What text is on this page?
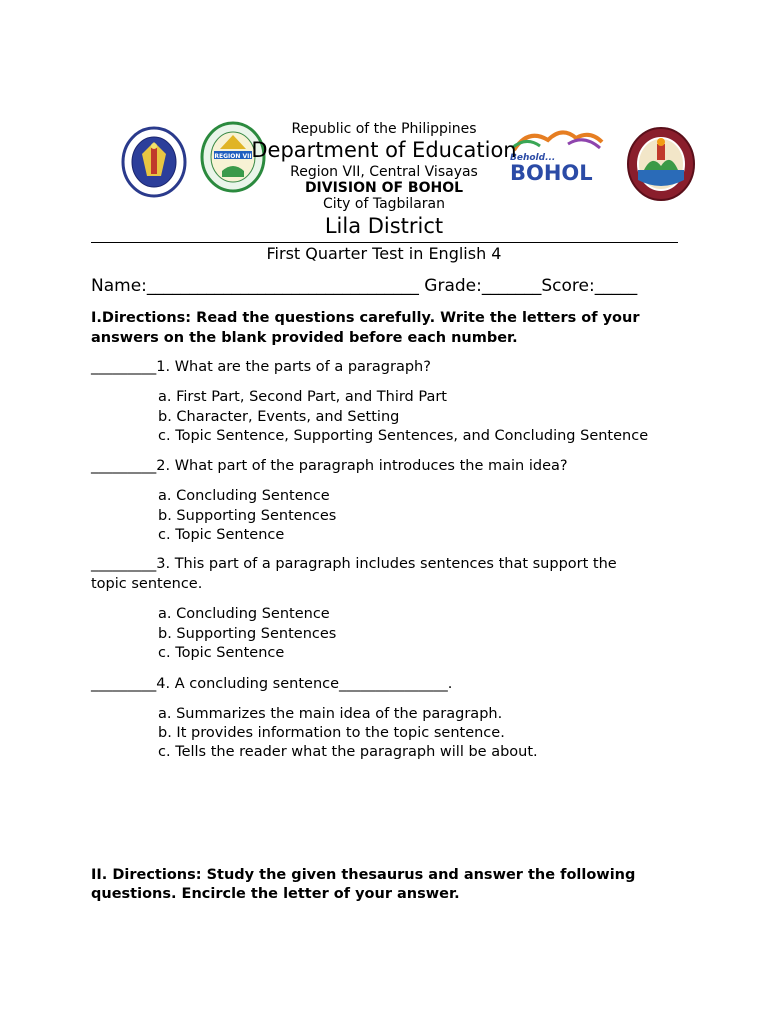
REGION VII	Behold...
BOHOL
Republic of the Philippines
Department of Education
Region VII, Central Visayas
DIVISION OF BOHOL
City of Tagbilaran
Lila District
First Quarter Test in English 4
Name:________________________________ Grade:_______Score:_____
I.Directions: Read the questions carefully. Write the letters of your
answers on the blank provided before each number.
_________1. What are the parts of a paragraph?
a. First Part, Second Part, and Third Part
b. Character, Events, and Setting
c. Topic Sentence, Supporting Sentences, and Concluding Sentence
_________2. What part of the paragraph introduces the main idea?
a. Concluding Sentence
b. Supporting Sentences
c. Topic Sentence
_________3. This part of a paragraph includes sentences that support the
topic sentence.
a. Concluding Sentence
b. Supporting Sentences
c. Topic Sentence
_________4. A concluding sentence_______________.
a. Summarizes the main idea of the paragraph.
b. It provides information to the topic sentence.
c. Tells the reader what the paragraph will be about.
II. Directions: Study the given thesaurus and answer the following
questions. Encircle the letter of your answer.
